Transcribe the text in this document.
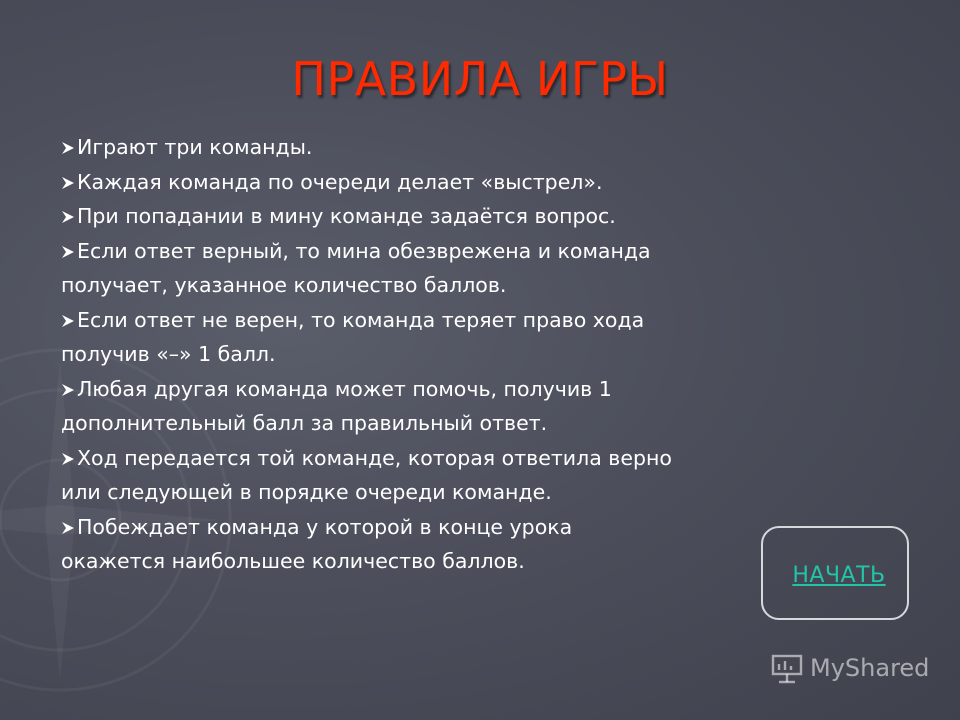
ПРАВИЛА ИГРЫ
Играют три команды.
Каждая команда по очереди делает «выстрел».
При попадании в мину команде задаётся вопрос.
Если ответ верный, то мина обезврежена и команда
получает, указанное количество баллов.
Если ответ не верен, то команда теряет право хода
получив «–» 1 балл.
Любая другая команда может помочь, получив 1
дополнительный балл за правильный ответ.
Ход передается той команде, которая ответила верно
или следующей в порядке очереди команде.
Побеждает команда у которой в конце урока
окажется наибольшее количество баллов.
НАЧАТЬ
MyShared
